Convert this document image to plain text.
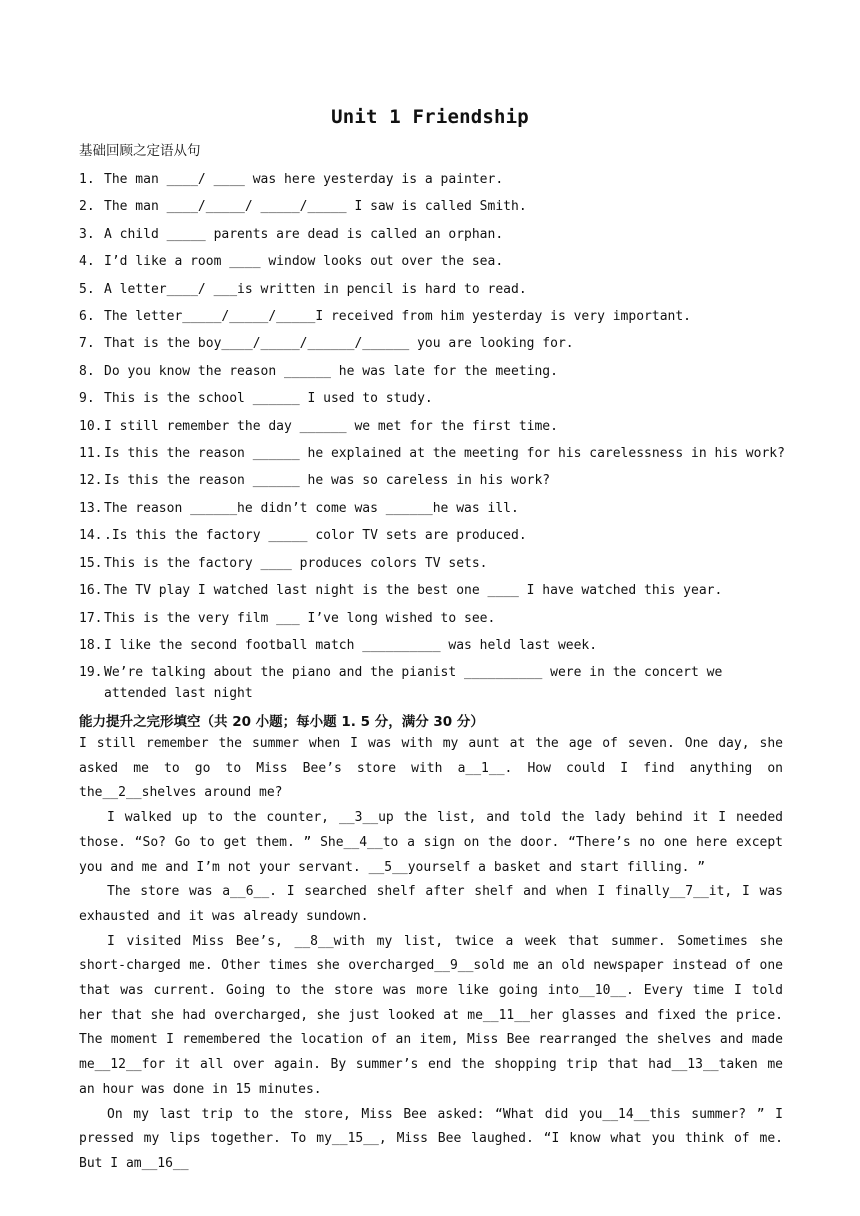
Unit 1 Friendship
基础回顾之定语从句
1. The man ____/ ____ was here yesterday is a painter.
2. The man ____/_____/ _____/_____ I saw is called Smith.
3. A child _____ parents are dead is called an orphan.
4. I’d like a room ____ window looks out over the sea.
5. A letter____/ ___is written in pencil is hard to read.
6. The letter_____/_____/_____I received from him yesterday is very important.
7. That is the boy____/_____/______/______ you are looking for.
8. Do you know the reason ______ he was late for the meeting.
9. This is the school ______ I used to study.
10. I still remember the day ______ we met for the first time.
11. Is this the reason ______ he explained at the meeting for his carelessness in his work?
12. Is this the reason ______ he was so careless in his work?
13. The reason ______he didn’t come was ______he was ill.
14. .Is this the factory _____ color TV sets are produced.
15. This is the factory ____ produces colors TV sets.
16. The TV play I watched last night is the best one ____ I have watched this year.
17. This is the very film ___ I’ve long wished to see.
18. I like the second football match __________ was held last week.
19. We’re talking about the piano and the pianist __________ were in the concert we attended last night
能力提升之完形填空（共 20 小题；每小题 1. 5 分，满分 30 分）

I still remember the summer when I was with my aunt at the age of seven. One day, she asked me to go to Miss Bee’s store with a__1__. How could I find anything on the__2__shelves around me?

I walked up to the counter, __3__up the list, and told the lady behind it I needed those. “So? Go to get them. ” She__4__to a sign on the door. “There’s no one here except you and me and I’m not your servant. __5__yourself a basket and start filling. ”

The store was a__6__. I searched shelf after shelf and when I finally__7__it, I was exhausted and it was already sundown.

I visited Miss Bee’s, __8__with my list, twice a week that summer. Sometimes she short-charged me. Other times she overcharged__9__sold me an old newspaper instead of one that was current. Going to the store was more like going into__10__. Every time I told her that she had overcharged, she just looked at me__11__her glasses and fixed the price. The moment I remembered the location of an item, Miss Bee rearranged the shelves and made me__12__for it all over again. By summer’s end the shopping trip that had__13__taken me an hour was done in 15 minutes.

On my last trip to the store, Miss Bee asked: “What did you__14__this summer? ” I pressed my lips together. To my__15__, Miss Bee laughed. “I know what you think of me. But I am__16__
